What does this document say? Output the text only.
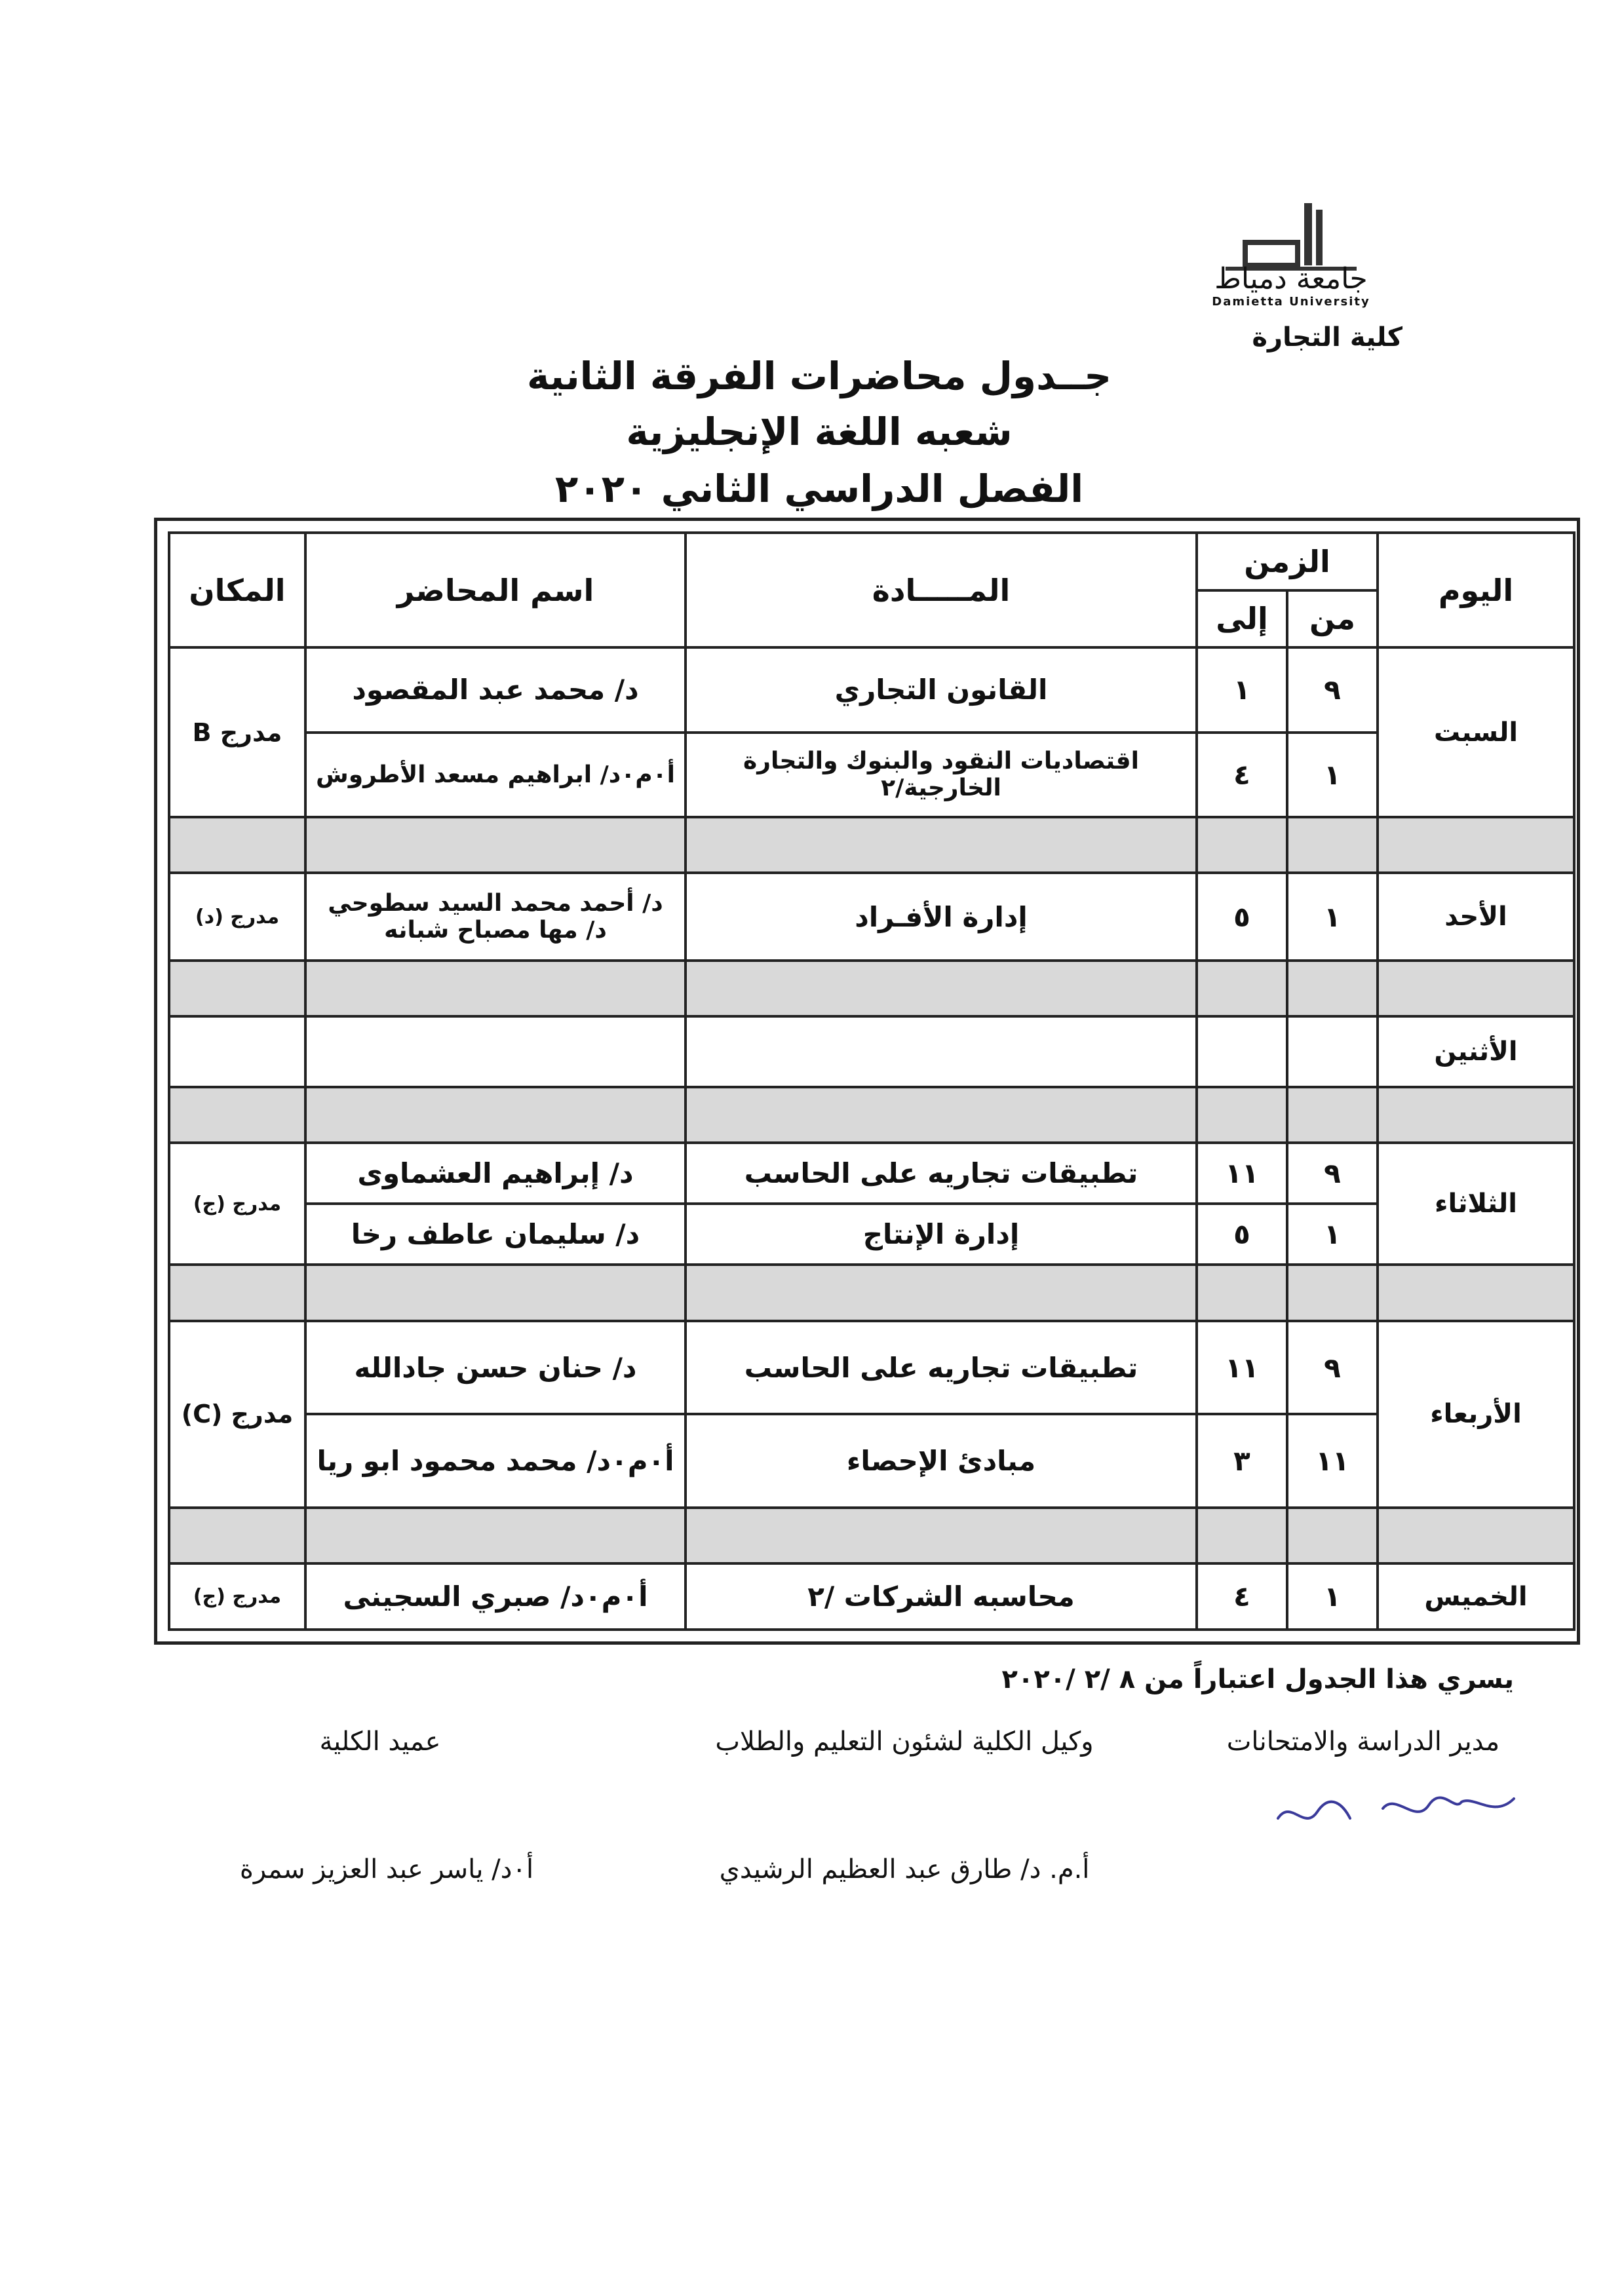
جامعة دمياط
Damietta University
كلية التجارة
جــدول محاضرات الفرقة الثانية
شعبه اللغة الإنجليزية
الفصل الدراسي الثاني ٢٠٢٠
اليوم	الزمن		المـــــادة	اسم المحاضر	المكان
	من	إلى			
السبت	٩	١	القانون التجاري	د/ محمد عبد المقصود	مدرج B
	١	٤	اقتصاديات النقود والبنوك والتجارة الخارجية/٢	أ٠م٠د/ ابراهيم مسعد الأطروش	

الأحد	١	٥	إدارة الأفـراد	د/ أحمد محمد السيد سطوحي
د/ مها مصباح شبانه	مدرج (د)

الأثنين					

الثلاثاء	٩	١١	تطبيقات تجاريه على الحاسب	د/ إبراهيم العشماوى	مدرج (ج)
	١	٥	إدارة الإنتاج	د/ سليمان عاطف رخا	

الأربعاء	٩	١١	تطبيقات تجاريه على الحاسب	د/ حنان حسن جادالله	مدرج (C)
	١١	٣	مبادئ الإحصاء	أ٠م٠د/ محمد محمود ابو ريا	

الخميس	١	٤	محاسبه الشركات /٢	أ٠م٠د/ صبري السجينى	مدرج (ج)
يسري هذا الجدول اعتباراً من ٨ /٢ /٢٠٢٠
مدير الدراسة والامتحانات
وكيل الكلية لشئون التعليم والطلاب
عميد الكلية
أ.م. د/ طارق عبد العظيم الرشيدي
أ٠د/ ياسر عبد العزيز سمرة
